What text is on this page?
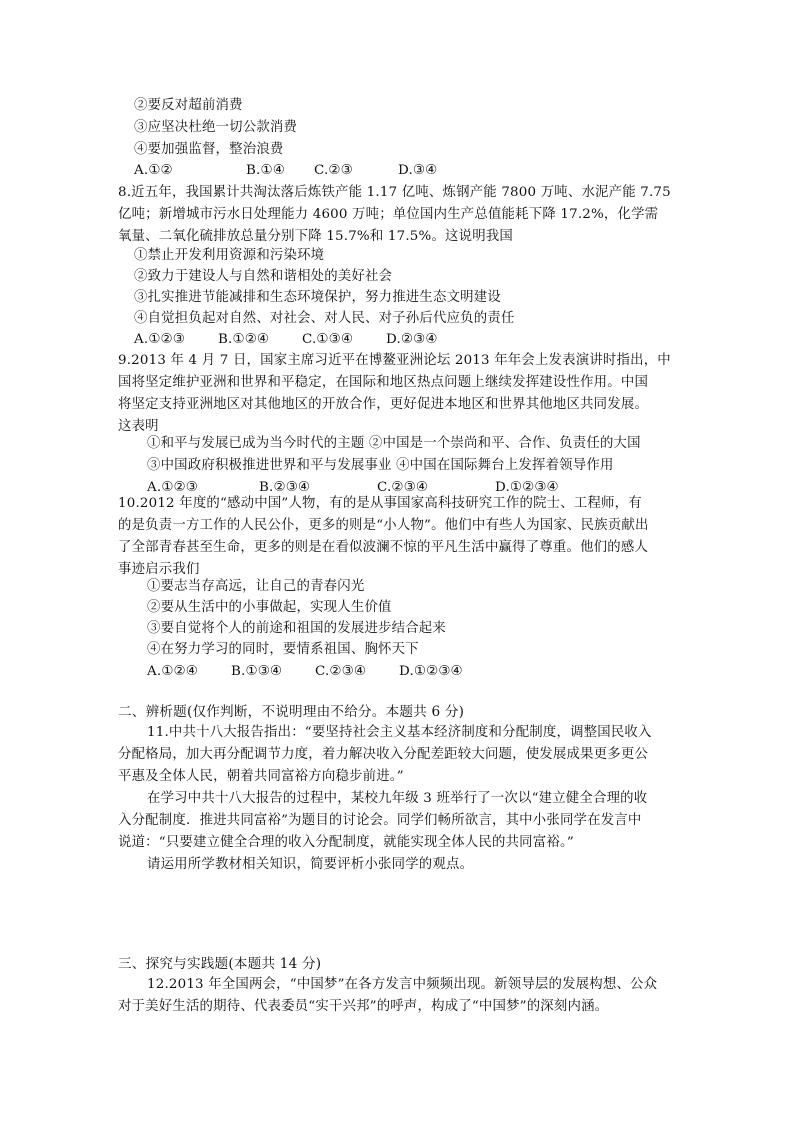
②要反对超前消费
③应坚决杜绝一切公款消费
④要加强监督，整治浪费
A.①②	B.①④ C.②③	D.③④
8.近五年，我国累计共淘汰落后炼铁产能 1.17 亿吨、炼钢产能 7800 万吨、水泥产能 7.75
亿吨；新增城市污水日处理能力 4600 万吨；单位国内生产总值能耗下降 17.2%，化学需
氧量、二氧化硫排放总量分别下降 15.7%和 17.5%。这说明我国
①禁止开发利用资源和污染环境
②致力于建设人与自然和谐相处的美好社会
③扎实推进节能减排和生态环境保护，努力推进生态文明建设
④自觉担负起对自然、对社会、对人民、对子孙后代应负的责任
A.①②③ B.①②④ C.①③④ D.②③④
9.2013 年 4 月 7 日，国家主席习近平在博鳌亚洲论坛 2013 年年会上发表演讲时指出，中
国将坚定维护亚洲和世界和平稳定，在国际和地区热点问题上继续发挥建设性作用。中国
将坚定支持亚洲地区对其他地区的开放合作，更好促进本地区和世界其他地区共同发展。
这表明
①和平与发展已成为当今时代的主题 ②中国是一个崇尚和平、合作、负责任的大国
③中国政府积极推进世界和平与发展事业 ④中国在国际舞台上发挥着领导作用
A.①②③	B.②③④	C.②③④	D.①②③④
10.2012 年度的“感动中国”人物，有的是从事国家高科技研究工作的院士、工程师，有
的是负责一方工作的人民公仆，更多的则是“小人物”。他们中有些人为国家、民族贡献出
了全部青春甚至生命，更多的则是在看似波澜不惊的平凡生活中赢得了尊重。他们的感人
事迹启示我们
①要志当存高远，让自己的青春闪光
②要从生活中的小事做起，实现人生价值
③要自觉将个人的前途和祖国的发展进步结合起来
④在努力学习的同时，要情系祖国、胸怀天下
A.①②④ B.①③④ C.②③④ D.①②③④
二、辨析题(仅作判断，不说明理由不给分。本题共 6 分)
11.中共十八大报告指出：“要坚持社会主义基本经济制度和分配制度，调整国民收入
分配格局，加大再分配调节力度，着力解决收入分配差距较大问题，使发展成果更多更公
平惠及全体人民，朝着共同富裕方向稳步前进。”
在学习中共十八大报告的过程中，某校九年级 3 班举行了一次以“建立健全合理的收
入分配制度．推进共同富裕”为题目的讨论会。同学们畅所欲言，其中小张同学在发言中
说道：“只要建立健全合理的收入分配制度，就能实现全体人民的共同富裕。”
请运用所学教材相关知识，简要评析小张同学的观点。
三、探究与实践题(本题共 14 分)
12.2013 年全国两会，“中国梦”在各方发言中频频出现。新领导层的发展构想、公众
对于美好生活的期待、代表委员“实干兴邦”的呼声，构成了“中国梦”的深刻内涵。
